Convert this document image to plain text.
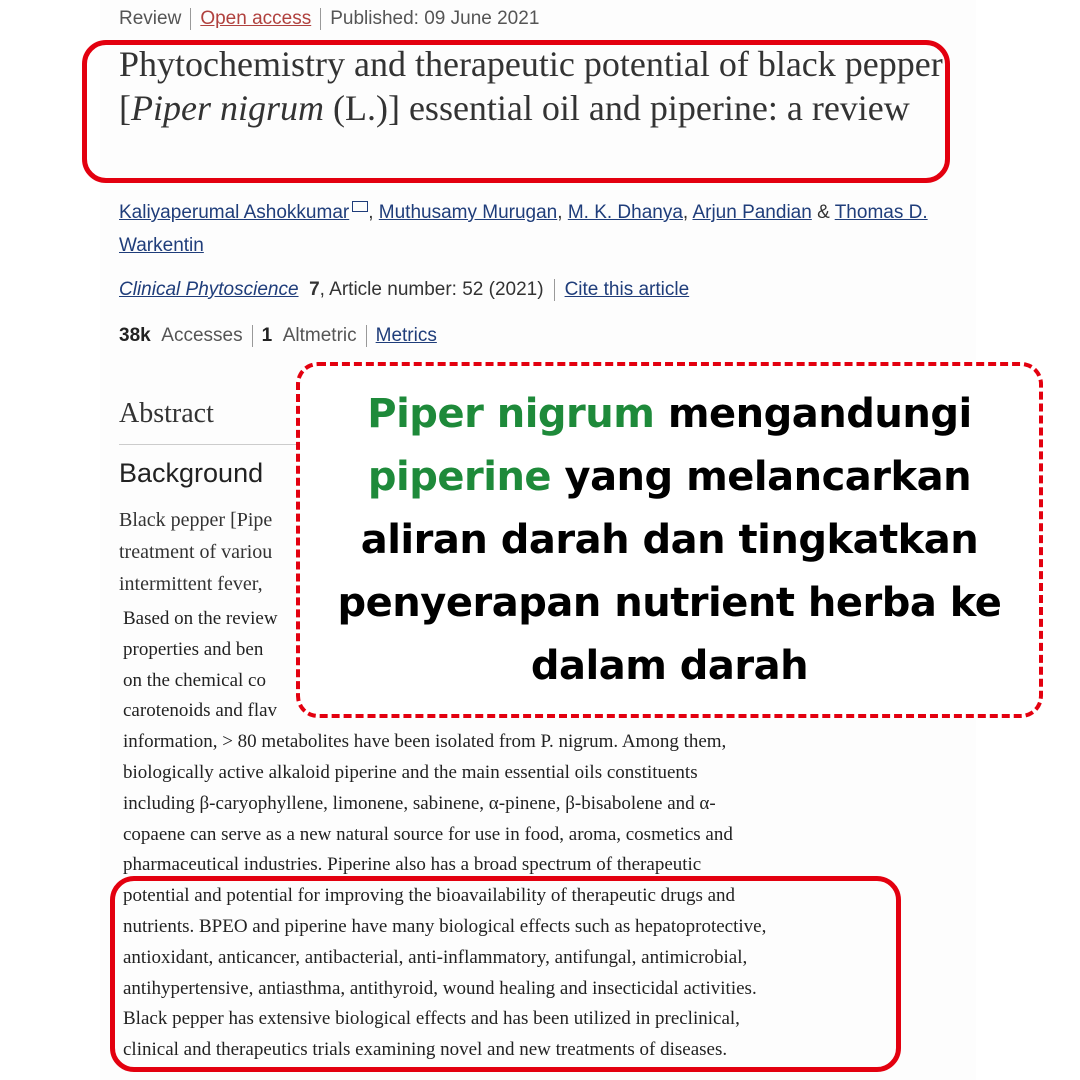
Review Open access Published: 09 June 2021
Phytochemistry and therapeutic potential of black pepper [Piper nigrum (L.)] essential oil and piperine: a review
Kaliyaperumal Ashokkumar , Muthusamy Murugan, M. K. Dhanya, Arjun Pandian & Thomas D. Warkentin
Clinical Phytoscience 7, Article number: 52 (2021) Cite this article
38k Accesses 1 Altmetric Metrics
Abstract
Background
Black pepper [Pipe
treatment of variou
intermittent fever,
Based on the review
properties and ben
on the chemical co
carotenoids and flav
information, > 80 metabolites have been isolated from P. nigrum. Among them,
biologically active alkaloid piperine and the main essential oils constituents
including β-caryophyllene, limonene, sabinene, α-pinene, β-bisabolene and α-
copaene can serve as a new natural source for use in food, aroma, cosmetics and
pharmaceutical industries. Piperine also has a broad spectrum of therapeutic
potential and potential for improving the bioavailability of therapeutic drugs and
nutrients. BPEO and piperine have many biological effects such as hepatoprotective,
antioxidant, anticancer, antibacterial, anti-inflammatory, antifungal, antimicrobial,
antihypertensive, antiasthma, antithyroid, wound healing and insecticidal activities.
Black pepper has extensive biological effects and has been utilized in preclinical,
clinical and therapeutics trials examining novel and new treatments of diseases.
Piper nigrum mengandungi
piperine yang melancarkan
aliran darah dan tingkatkan
penyerapan nutrient herba ke
dalam darah
